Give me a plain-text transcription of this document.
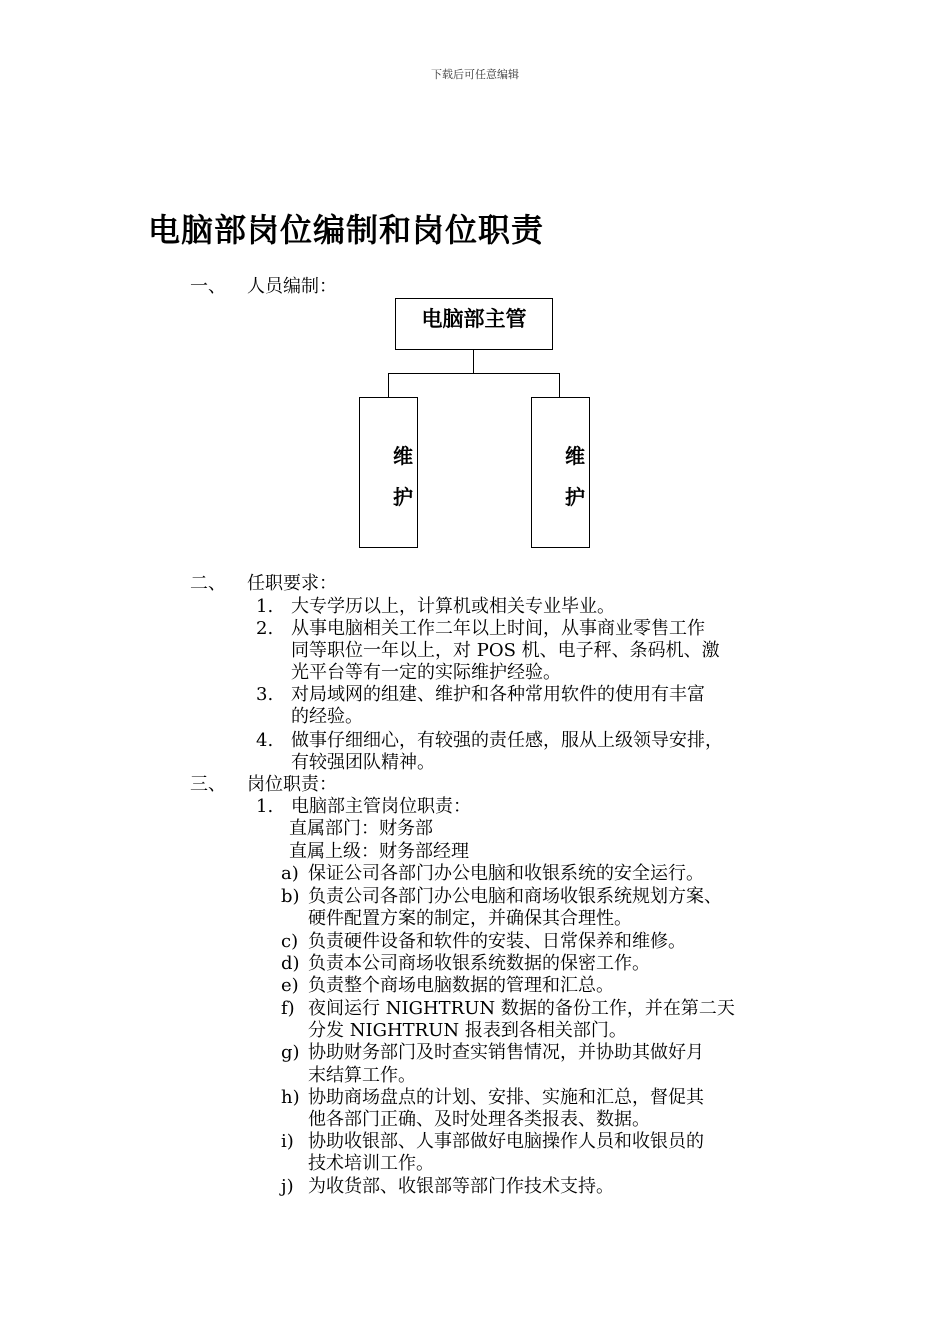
下载后可任意编辑
电脑部岗位编制和岗位职责
一、 人员编制：
电脑部主管
维
护
维
护
二、 任职要求：
1. 大专学历以上，计算机或相关专业毕业。
2. 从事电脑相关工作二年以上时间，从事商业零售工作
同等职位一年以上，对 POS 机、电子秤、条码机、激
光平台等有一定的实际维护经验。
3. 对局域网的组建、维护和各种常用软件的使用有丰富
的经验。
4. 做事仔细细心，有较强的责任感，服从上级领导安排，
有较强团队精神。
三、 岗位职责：
1. 电脑部主管岗位职责：
直属部门：财务部
直属上级：财务部经理
a) 保证公司各部门办公电脑和收银系统的安全运行。
b) 负责公司各部门办公电脑和商场收银系统规划方案、
硬件配置方案的制定，并确保其合理性。
c) 负责硬件设备和软件的安装、日常保养和维修。
d) 负责本公司商场收银系统数据的保密工作。
e) 负责整个商场电脑数据的管理和汇总。
f) 夜间运行 NIGHTRUN 数据的备份工作，并在第二天
分发 NIGHTRUN 报表到各相关部门。
g) 协助财务部门及时查实销售情况，并协助其做好月
末结算工作。
h) 协助商场盘点的计划、安排、实施和汇总，督促其
他各部门正确、及时处理各类报表、数据。
i) 协助收银部、人事部做好电脑操作人员和收银员的
技术培训工作。
j) 为收货部、收银部等部门作技术支持。
